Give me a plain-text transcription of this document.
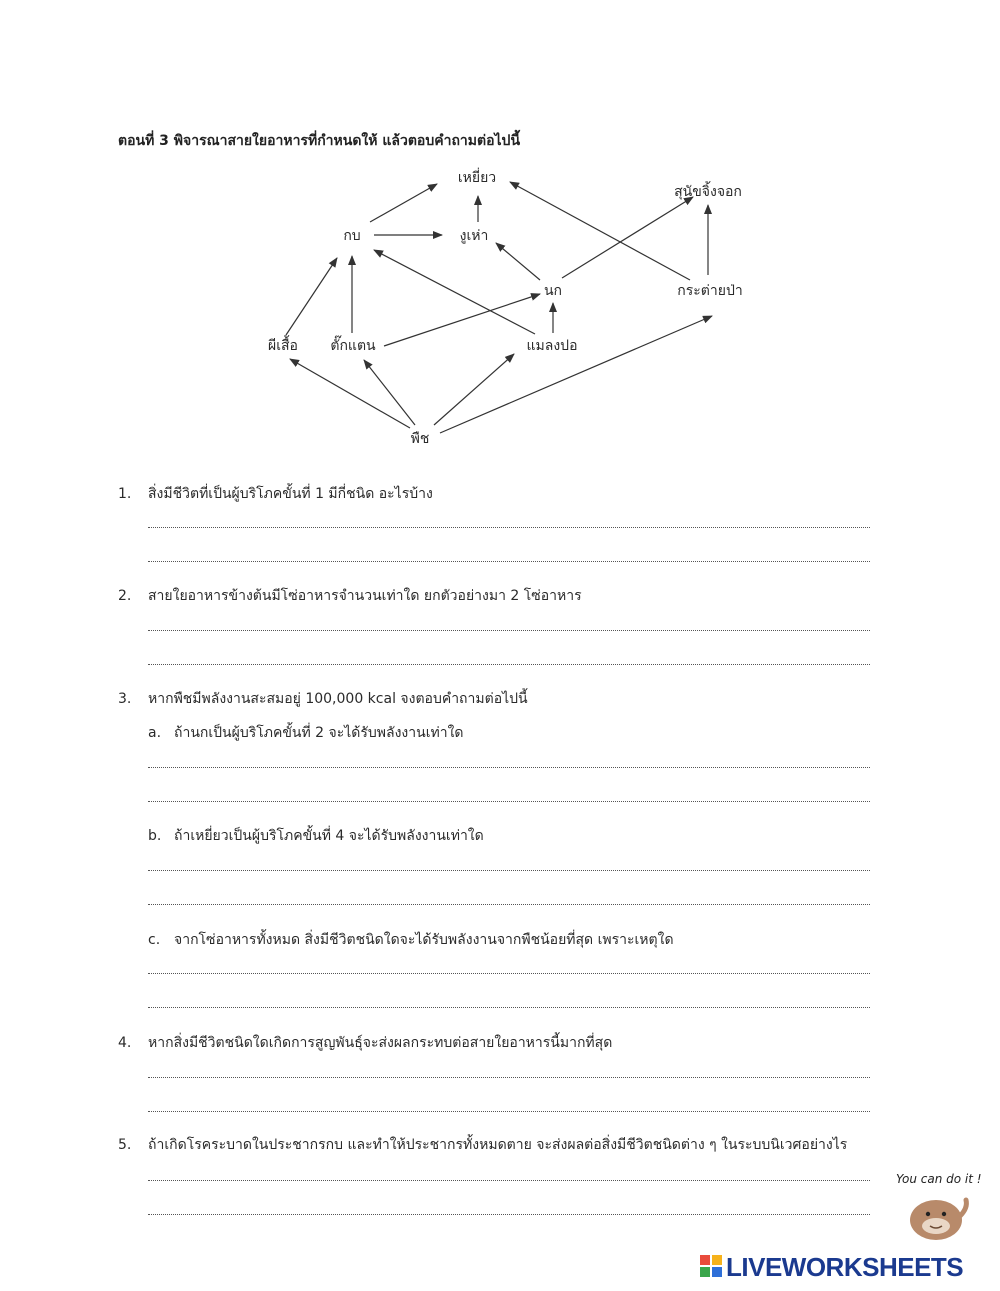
ตอนที่ 3 พิจารณาสายใยอาหารที่กำหนดให้ แล้วตอบคำถามต่อไปนี้
เหยี่ยว
กบ	งูเห่า
สุนัขจิ้งจอก
นก	กระต่ายป่า
ผีเสื้อ ตั๊กแตน	แมลงปอ
พืช
1. สิ่งมีชีวิตที่เป็นผู้บริโภคขั้นที่ 1 มีกี่ชนิด อะไรบ้าง
2. สายใยอาหารข้างต้นมีโซ่อาหารจำนวนเท่าใด ยกตัวอย่างมา 2 โซ่อาหาร
3. หากพืชมีพลังงานสะสมอยู่ 100,000 kcal จงตอบคำถามต่อไปนี้
a. ถ้านกเป็นผู้บริโภคขั้นที่ 2 จะได้รับพลังงานเท่าใด
b. ถ้าเหยี่ยวเป็นผู้บริโภคขั้นที่ 4 จะได้รับพลังงานเท่าใด
c. จากโซ่อาหารทั้งหมด สิ่งมีชีวิตชนิดใดจะได้รับพลังงานจากพืชน้อยที่สุด เพราะเหตุใด
4. หากสิ่งมีชีวิตชนิดใดเกิดการสูญพันธุ์จะส่งผลกระทบต่อสายใยอาหารนี้มากที่สุด
5. ถ้าเกิดโรคระบาดในประชากรกบ และทำให้ประชากรทั้งหมดตาย จะส่งผลต่อสิ่งมีชีวิตชนิดต่าง ๆ ในระบบนิเวศอย่างไร
You can do it !
LIVEWORKSHEETS
